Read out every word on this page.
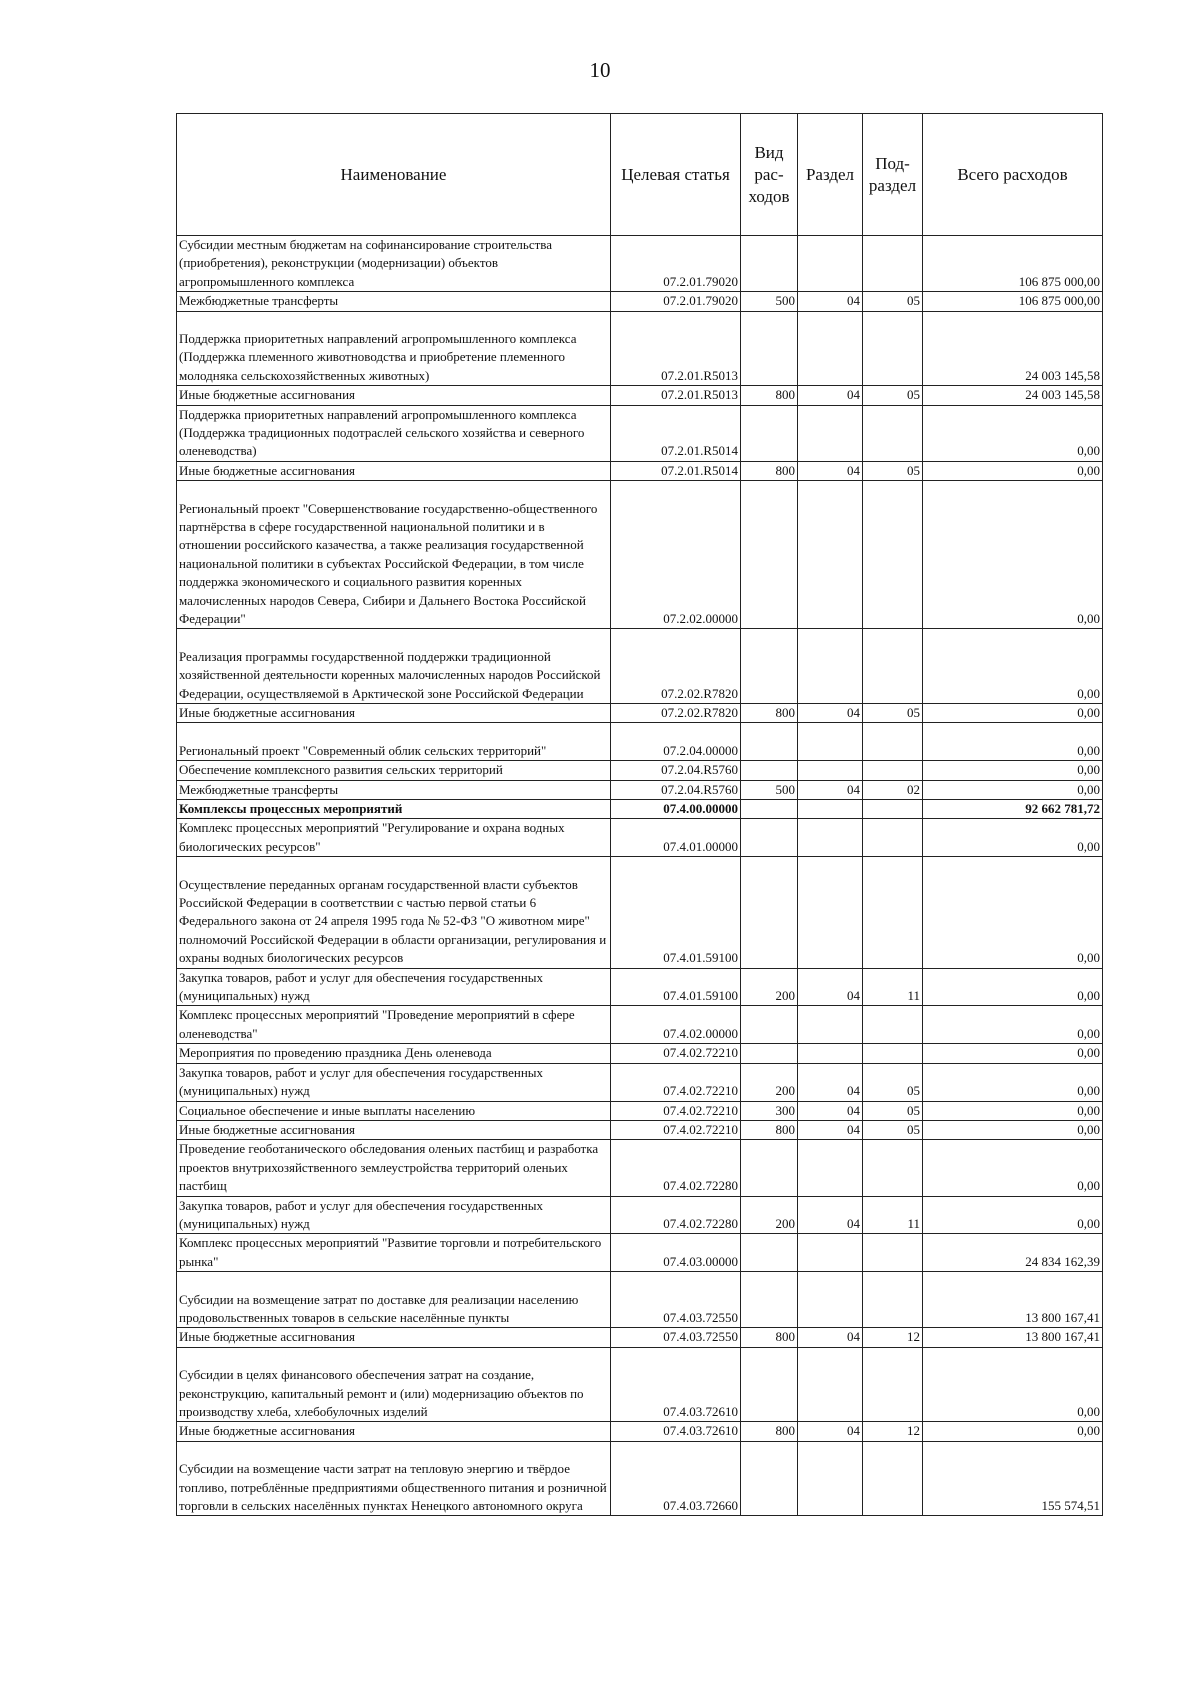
10
Наименование	Целевая статья	Вид рас-ходов	Раздел	Под-раздел	Всего расходов
Субсидии местным бюджетам на софинансирование строительства (приобретения), реконструкции (модернизации) объектов агропромышленного комплекса	07.2.01.79020				106 875 000,00
Межбюджетные трансферты	07.2.01.79020	500	04	05	106 875 000,00
Поддержка приоритетных направлений агропромышленного комплекса (Поддержка племенного животноводства и приобретение племенного молодняка сельскохозяйственных животных)	07.2.01.R5013				24 003 145,58
Иные бюджетные ассигнования	07.2.01.R5013	800	04	05	24 003 145,58
Поддержка приоритетных направлений агропромышленного комплекса (Поддержка традиционных подотраслей сельского хозяйства и северного оленеводства)	07.2.01.R5014				0,00
Иные бюджетные ассигнования	07.2.01.R5014	800	04	05	0,00
Региональный проект "Совершенствование государственно-общественного партнёрства в сфере государственной национальной политики и в отношении российского казачества, а также реализация государственной национальной политики в субъектах Российской Федерации, в том числе поддержка экономического и социального развития коренных малочисленных народов Севера, Сибири и Дальнего Востока Российской Федерации"	07.2.02.00000				0,00
Реализация программы государственной поддержки традиционной хозяйственной деятельности коренных малочисленных народов Российской Федерации, осуществляемой в Арктической зоне Российской Федерации	07.2.02.R7820				0,00
Иные бюджетные ассигнования	07.2.02.R7820	800	04	05	0,00
Региональный проект "Современный облик сельских территорий"	07.2.04.00000				0,00
Обеспечение комплексного развития сельских территорий	07.2.04.R5760				0,00
Межбюджетные трансферты	07.2.04.R5760	500	04	02	0,00
Комплексы процессных мероприятий	07.4.00.00000				92 662 781,72
Комплекс процессных мероприятий "Регулирование и охрана водных биологических ресурсов"	07.4.01.00000				0,00
Осуществление переданных органам государственной власти субъектов Российской Федерации в соответствии с частью первой статьи 6 Федерального закона от 24 апреля 1995 года № 52-ФЗ "О животном мире" полномочий Российской Федерации в области организации, регулирования и охраны водных биологических ресурсов	07.4.01.59100				0,00
Закупка товаров, работ и услуг для обеспечения государственных (муниципальных) нужд	07.4.01.59100	200	04	11	0,00
Комплекс процессных мероприятий "Проведение мероприятий в сфере оленеводства"	07.4.02.00000				0,00
Мероприятия по проведению праздника День оленевода	07.4.02.72210				0,00
Закупка товаров, работ и услуг для обеспечения государственных (муниципальных) нужд	07.4.02.72210	200	04	05	0,00
Социальное обеспечение и иные выплаты населению	07.4.02.72210	300	04	05	0,00
Иные бюджетные ассигнования	07.4.02.72210	800	04	05	0,00
Проведение геоботанического обследования оленьих пастбищ и разработка проектов внутрихозяйственного землеустройства территорий оленьих пастбищ	07.4.02.72280				0,00
Закупка товаров, работ и услуг для обеспечения государственных (муниципальных) нужд	07.4.02.72280	200	04	11	0,00
Комплекс процессных мероприятий "Развитие торговли и потребительского рынка"	07.4.03.00000				24 834 162,39
Субсидии на возмещение затрат по доставке для реализации населению продовольственных товаров в сельские населённые пункты	07.4.03.72550				13 800 167,41
Иные бюджетные ассигнования	07.4.03.72550	800	04	12	13 800 167,41
Субсидии в целях финансового обеспечения затрат на создание, реконструкцию, капитальный ремонт и (или) модернизацию объектов по производству хлеба, хлебобулочных изделий	07.4.03.72610				0,00
Иные бюджетные ассигнования	07.4.03.72610	800	04	12	0,00
Субсидии на возмещение части затрат на тепловую энергию и твёрдое топливо, потреблённые предприятиями общественного питания и розничной торговли в сельских населённых пунктах Ненецкого автономного округа	07.4.03.72660				155 574,51
